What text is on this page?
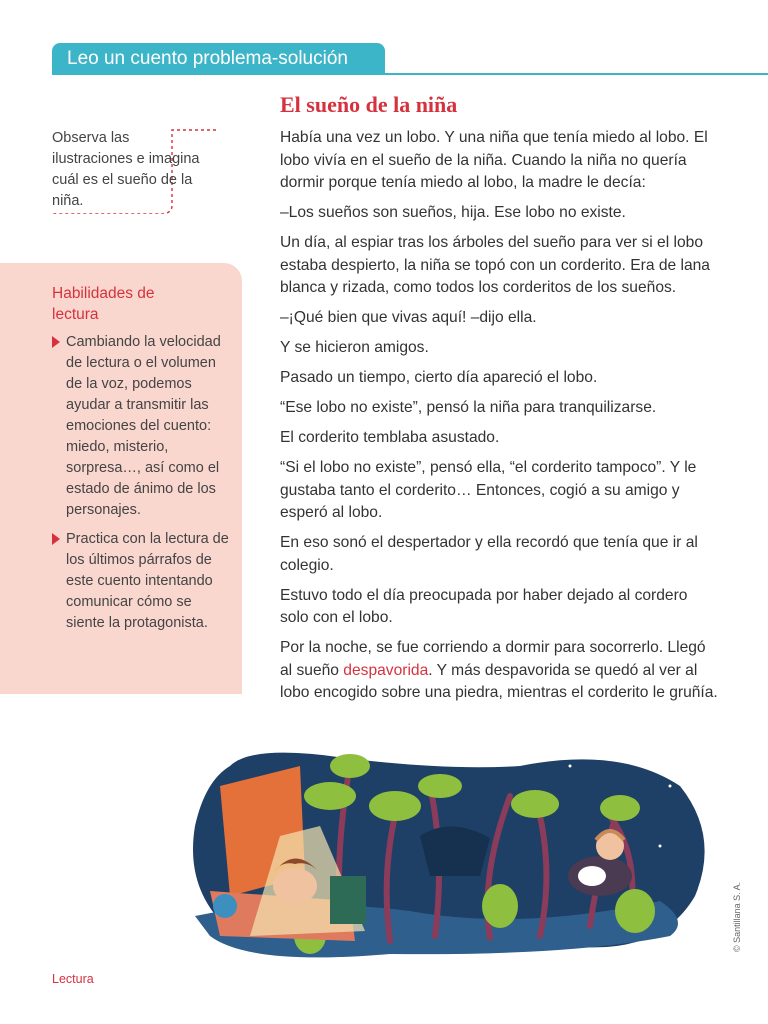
Leo un cuento problema-solución
El sueño de la niña
Observa las ilustraciones e imagina cuál es el sueño de la niña.
Habilidades de lectura
Cambiando la velocidad de lectura o el volumen de la voz, podemos ayudar a transmitir las emociones del cuento: miedo, misterio, sorpresa…, así como el estado de ánimo de los personajes.
Practica con la lectura de los últimos párrafos de este cuento intentando comunicar cómo se siente la protagonista.

Había una vez un lobo. Y una niña que tenía miedo al lobo. El lobo vivía en el sueño de la niña. Cuando la niña no quería dormir porque tenía miedo al lobo, la madre le decía:

–Los sueños son sueños, hija. Ese lobo no existe.

Un día, al espiar tras los árboles del sueño para ver si el lobo estaba despierto, la niña se topó con un corderito. Era de lana blanca y rizada, como todos los corderitos de los sueños.

–¡Qué bien que vivas aquí! –dijo ella.

Y se hicieron amigos.

Pasado un tiempo, cierto día apareció el lobo.

“Ese lobo no existe”, pensó la niña para tranquilizarse.

El corderito temblaba asustado.

“Si el lobo no existe”, pensó ella, “el corderito tampoco”. Y le gustaba tanto el corderito… Entonces, cogió a su amigo y esperó al lobo.

En eso sonó el despertador y ella recordó que tenía que ir al colegio.

Estuvo todo el día preocupada por haber dejado al cordero solo con el lobo.

Por la noche, se fue corriendo a dormir para socorrerlo. Llegó al sueño despavorida. Y más despavorida se quedó al ver al lobo encogido sobre una piedra, mientras el corderito le gruñía.

© Santillana S. A.
Lectura
